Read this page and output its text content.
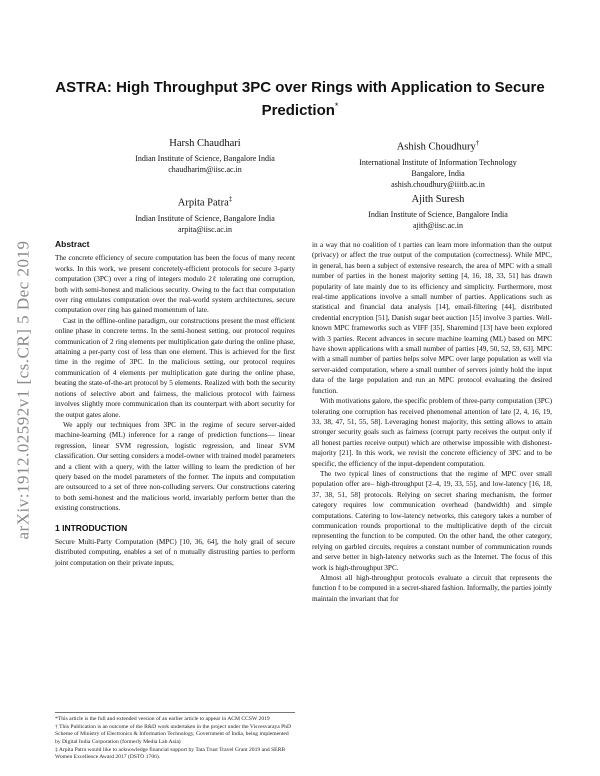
arXiv:1912.02592v1 [cs.CR] 5 Dec 2019
ASTRA: High Throughput 3PC over Rings with Application to Secure Prediction*
Harsh Chaudhari
Indian Institute of Science, Bangalore India
chaudharim@iisc.ac.in
Ashish Choudhury†
International Institute of Information Technology
Bangalore, India
ashish.choudhury@iiitb.ac.in
Arpita Patra‡
Indian Institute of Science, Bangalore India
arpita@iisc.ac.in
Ajith Suresh
Indian Institute of Science, Bangalore India
ajith@iisc.ac.in
Abstract

The concrete efficiency of secure computation has been the focus of many recent works. In this work, we present concretely-efficient protocols for secure 3-party computation (3PC) over a ring of integers modulo 2ℓ tolerating one corruption, both with semi-honest and malicious security. Owing to the fact that computation over ring emulates computation over the real-world system architectures, secure computation over ring has gained momentum of late.

Cast in the offline-online paradigm, our constructions present the most efficient online phase in concrete terms. In the semi-honest setting, our protocol requires communication of 2 ring elements per multiplication gate during the online phase, attaining a per-party cost of less than one element. This is achieved for the first time in the regime of 3PC. In the malicious setting, our protocol requires communication of 4 elements per multiplication gate during the online phase, beating the state-of-the-art protocol by 5 elements. Realized with both the security notions of selective abort and fairness, the malicious protocol with fairness involves slightly more communication than its counterpart with abort security for the output gates alone.

We apply our techniques from 3PC in the regime of secure server-aided machine-learning (ML) inference for a range of prediction functions— linear regression, linear SVM regression, logistic regression, and linear SVM classification. Our setting considers a model-owner with trained model parameters and a client with a query, with the latter willing to learn the prediction of her query based on the model parameters of the former. The inputs and computation are outsourced to a set of three non-colluding servers. Our constructions catering to both semi-honest and the malicious world, invariably perform better than the existing constructions.

1 INTRODUCTION

Secure Multi-Party Computation (MPC) [10, 36, 64], the holy grail of secure distributed computing, enables a set of n mutually distrusting parties to perform joint computation on their private inputs,

*This article is the full and extended version of an earlier article to appear in ACM CCSW 2019
† This Publication is an outcome of the R&D work undertaken in the project under the Visvesvaraya PhD Scheme of Ministry of Electronics & Information Technology, Government of India, being implemented by Digital India Corporation (formerly Media Lab Asia)
‡ Arpita Patra would like to acknowledge financial support by Tata Trust Travel Grant 2019 and SERB Women Excellence Award 2017 (DSTO 1706).

in a way that no coalition of t parties can learn more information than the output (privacy) or affect the true output of the computation (correctness). While MPC, in general, has been a subject of extensive research, the area of MPC with a small number of parties in the honest majority setting [4, 16, 18, 33, 51] has drawn popularity of late mainly due to its efficiency and simplicity. Furthermore, most real-time applications involve a small number of parties. Applications such as statistical and financial data analysis [14], email-filtering [44], distributed credential encryption [51], Danish sugar beet auction [15] involve 3 parties. Well-known MPC frameworks such as VIFF [35], Sharemind [13] have been explored with 3 parties. Recent advances in secure machine learning (ML) based on MPC have shown applications with a small number of parties [49, 50, 52, 59, 63]. MPC with a small number of parties helps solve MPC over large population as well via server-aided computation, where a small number of servers jointly hold the input data of the large population and run an MPC protocol evaluating the desired function.

With motivations galore, the specific problem of three-party computation (3PC) tolerating one corruption has received phenomenal attention of late [2, 4, 16, 19, 33, 38, 47, 51, 55, 58]. Leveraging honest majority, this setting allows to attain stronger security goals such as fairness (corrupt party receives the output only if all honest parties receive output) which are otherwise impossible with dishonest-majority [21]. In this work, we revisit the concrete efficiency of 3PC and to be specific, the efficiency of the input-dependent computation.

The two typical lines of constructions that the regime of MPC over small population offer are– high-throughput [2–4, 19, 33, 55], and low-latency [16, 18, 37, 38, 51, 58] protocols. Relying on secret sharing mechanism, the former category requires low communication overhead (bandwidth) and simple computations. Catering to low-latency networks, this category takes a number of communication rounds proportional to the multiplicative depth of the circuit representing the function to be computed. On the other hand, the other category, relying on garbled circuits, requires a constant number of communication rounds and serve better in high-latency networks such as the Internet. The focus of this work is high-throughput 3PC.

Almost all high-throughput protocols evaluate a circuit that represents the function f to be computed in a secret-shared fashion. Informally, the parties jointly maintain the invariant that for
